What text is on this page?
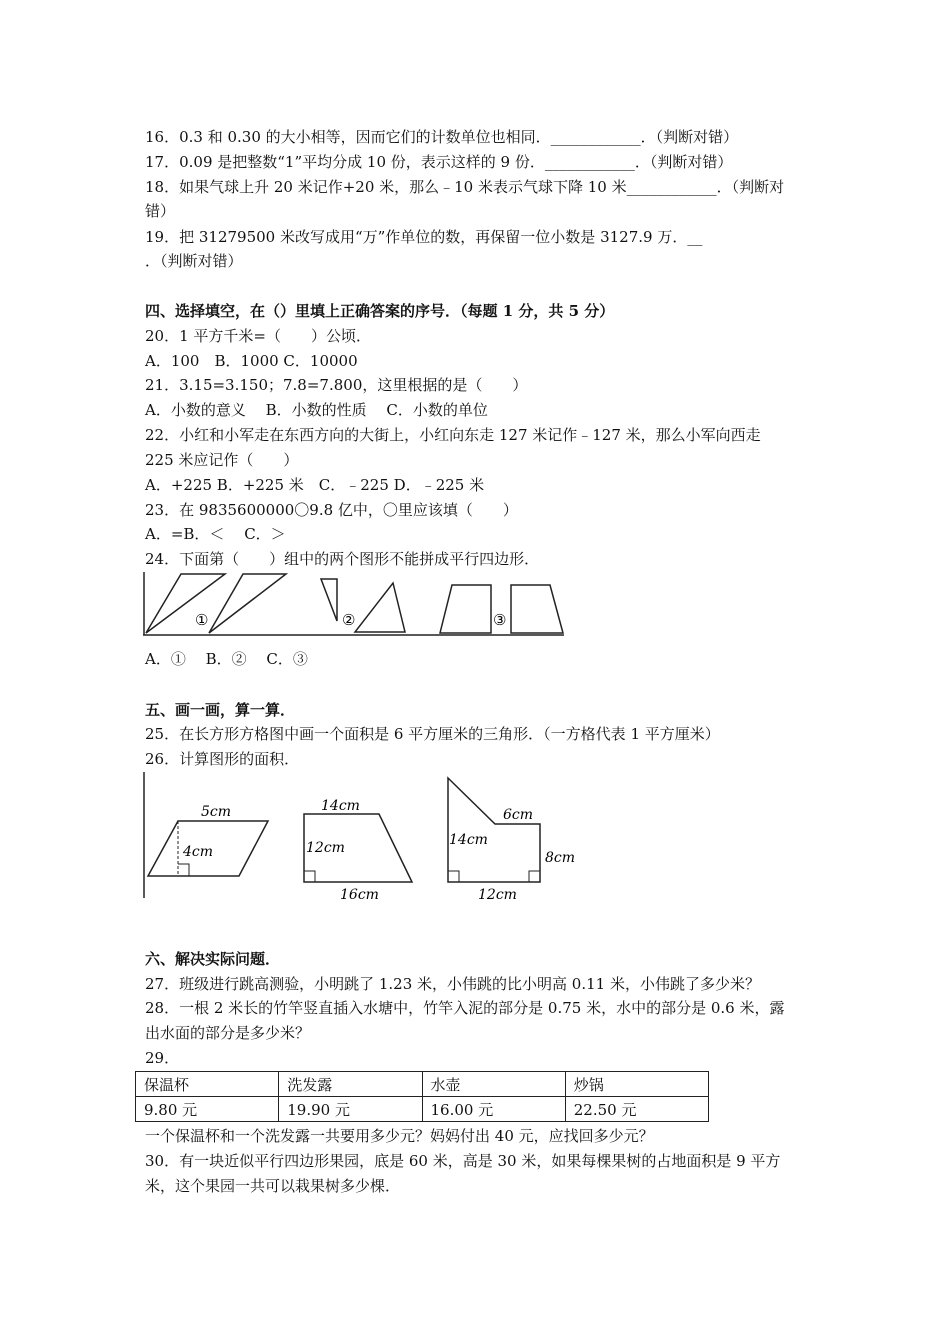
16．0.3 和 0.30 的大小相等，因而它们的计数单位也相同．____________．（判断对错）
17．0.09 是把整数“1”平均分成 10 份，表示这样的 9 份．____________．（判断对错）
18．如果气球上升 20 米记作+20 米，那么﹣10 米表示气球下降 10 米____________．（判断对
错）
19．把 31279500 米改写成用“万”作单位的数，再保留一位小数是 3127.9 万．__
．（判断对错）
四、选择填空，在（）里填上正确答案的序号．（每题 1 分，共 5 分）
20．1 平方千米=（　　）公顷．
A．100　B．1000 C．10000
21．3.15=3.150；7.8=7.800，这里根据的是（　　）
A．小数的意义　 B．小数的性质　 C．小数的单位
22．小红和小军走在东西方向的大街上，小红向东走 127 米记作﹣127 米，那么小军向西走
225 米应记作（　　）
A．+225 B．+225 米　C．﹣225 D．﹣225 米
23．在 9835600000〇9.8 亿中，〇里应该填（　　）
A．=B．＜　 C．＞
24．下面第（　　）组中的两个图形不能拼成平行四边形．
①	②	③
A．①　 B．②　 C．③
五、画一画，算一算．
25．在长方形方格图中画一个面积是 6 平方厘米的三角形．（一方格代表 1 平方厘米）
26．计算图形的面积．
5cm
4cm
14cm
12cm
16cm
6cm
14cm
8cm
12cm
六、解决实际问题．
27．班级进行跳高测验，小明跳了 1.23 米，小伟跳的比小明高 0.11 米，小伟跳了多少米？
28．一根 2 米长的竹竿竖直插入水塘中，竹竿入泥的部分是 0.75 米，水中的部分是 0.6 米，露
出水面的部分是多少米？
29．
保温杯	洗发露	水壶	炒锅
9.80 元	19.90 元	16.00 元	22.50 元
一个保温杯和一个洗发露一共要用多少元？妈妈付出 40 元，应找回多少元？
30．有一块近似平行四边形果园，底是 60 米，高是 30 米，如果每棵果树的占地面积是 9 平方
米，这个果园一共可以栽果树多少棵．
